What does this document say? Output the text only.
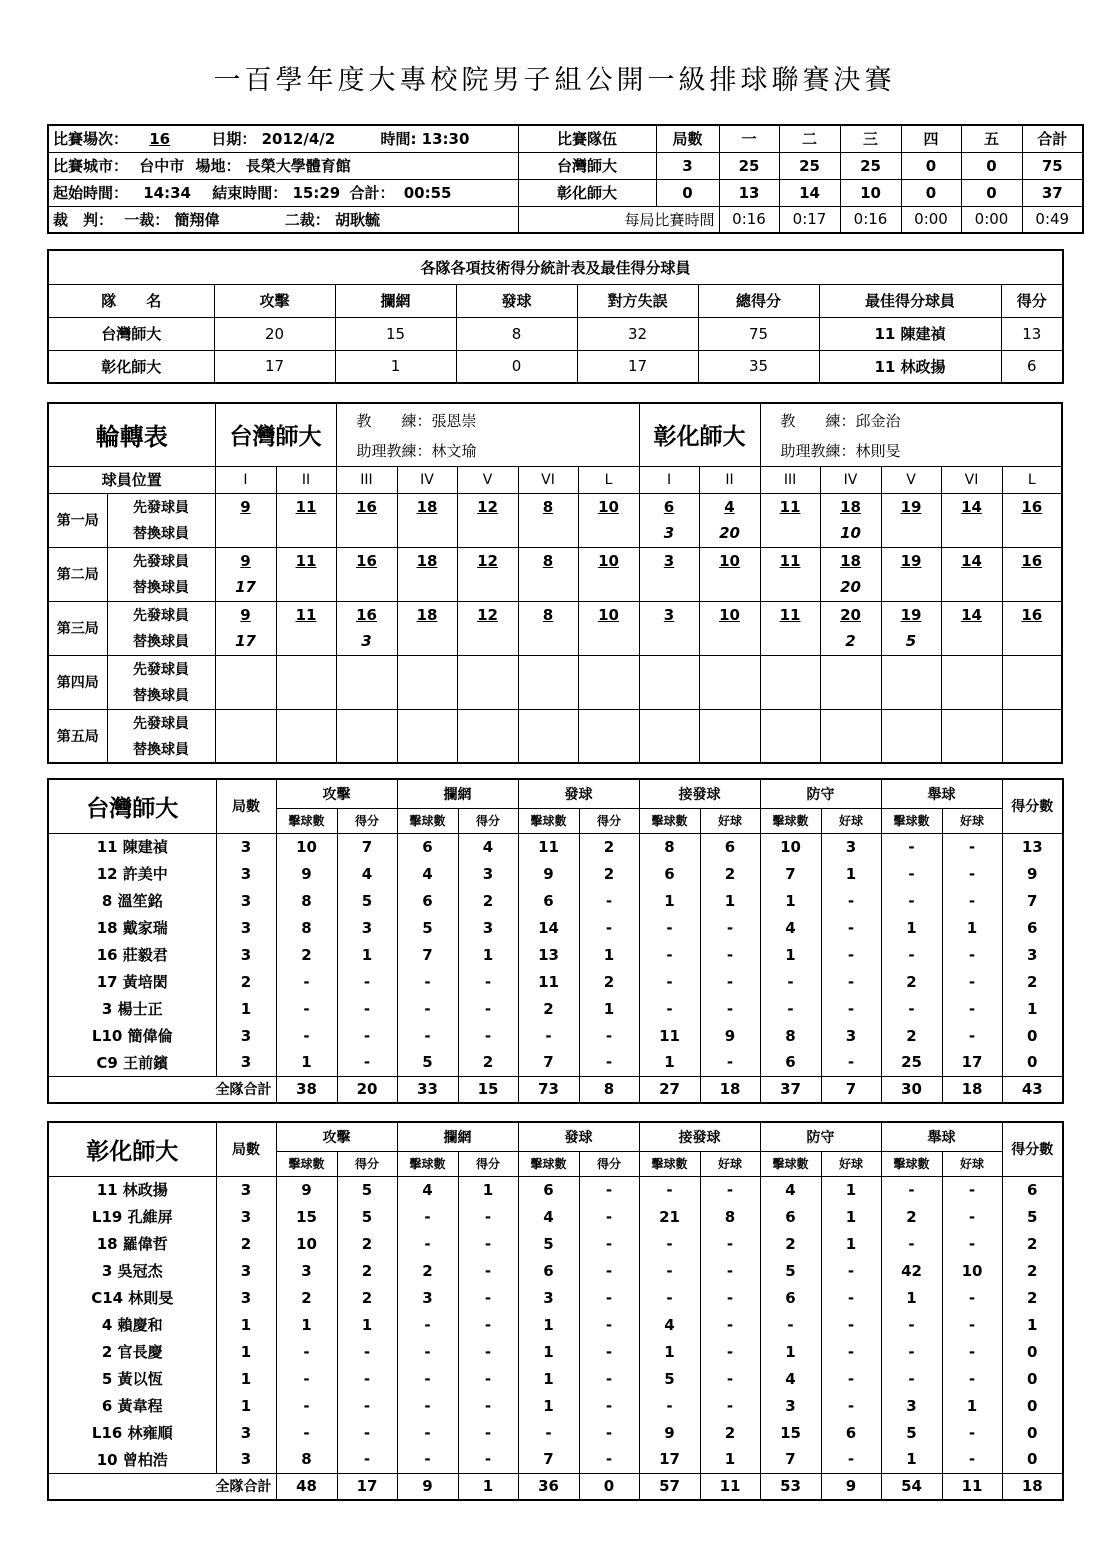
一百學年度大專校院男子組公開一級排球聯賽決賽
比賽場次： 16 日期： 2012/4/2 時間: 13:30	比賽隊伍	局數	一	二	三	四	五	合計
比賽城市： 台中市 場地： 長榮大學體育館	台灣師大	3	25	25	25	0	0	75
起始時間： 14:34 結束時間： 15:29 合計： 00:55	彰化師大	0	13	14	10	0	0	37
裁　判： 一裁： 簡翔偉 二裁： 胡耿毓	每局比賽時間		0:16	0:17	0:16	0:00	0:00	0:49
各隊各項技術得分統計表及最佳得分球員							
隊　　名	攻擊	攔網	發球	對方失誤	總得分	最佳得分球員	得分
台灣師大	20	15	8	32	75	11 陳建禎	13
彰化師大	17	1	0	17	35	11 林政揚	6
輪轉表		台灣師大		教　　練：張恩崇					彰化師大		教　　練：邱金治				
				助理教練：林文瑜							助理教練：林則旻				
球員位置		I	II	III	IV	V	VI	L	I	II	III	IV	V	VI	L
第一局	先發球員	9	11	16	18	12	8	10	6	4	11	18	19	14	16
	替換球員								3	20		10			
第二局	先發球員	9	11	16	18	12	8	10	3	10	11	18	19	14	16
	替換球員	17										20			
第三局	先發球員	9	11	16	18	12	8	10	3	10	11	20	19	14	16
	替換球員	17		3								2	5		
第四局	先發球員														
	替換球員														
第五局	先發球員														
	替換球員														
台灣師大	局數	攻擊		攔網		發球		接發球		防守		舉球		得分數
		擊球數	得分	擊球數	得分	擊球數	得分	擊球數	好球	擊球數	好球	擊球數	好球	
11 陳建禎	3	10	7	6	4	11	2	8	6	10	3	-	-	13
12 許美中	3	9	4	4	3	9	2	6	2	7	1	-	-	9
8 溫笙銘	3	8	5	6	2	6	-	1	1	1	-	-	-	7
18 戴家瑞	3	8	3	5	3	14	-	-	-	4	-	1	1	6
16 莊毅君	3	2	1	7	1	13	1	-	-	1	-	-	-	3
17 黃培閎	2	-	-	-	-	11	2	-	-	-	-	2	-	2
3 楊士正	1	-	-	-	-	2	1	-	-	-	-	-	-	1
L10 簡偉倫	3	-	-	-	-	-	-	11	9	8	3	2	-	0
C9 王前鑌	3	1	-	5	2	7	-	1	-	6	-	25	17	0
全隊合計		38	20	33	15	73	8	27	18	37	7	30	18	43
彰化師大	局數	攻擊		攔網		發球		接發球		防守		舉球		得分數
		擊球數	得分	擊球數	得分	擊球數	得分	擊球數	好球	擊球數	好球	擊球數	好球	
11 林政揚	3	9	5	4	1	6	-	-	-	4	1	-	-	6
L19 孔維屏	3	15	5	-	-	4	-	21	8	6	1	2	-	5
18 羅偉哲	2	10	2	-	-	5	-	-	-	2	1	-	-	2
3 吳冠杰	3	3	2	2	-	6	-	-	-	5	-	42	10	2
C14 林則旻	3	2	2	3	-	3	-	-	-	6	-	1	-	2
4 賴慶和	1	1	1	-	-	1	-	4	-	-	-	-	-	1
2 官長慶	1	-	-	-	-	1	-	1	-	1	-	-	-	0
5 黃以恆	1	-	-	-	-	1	-	5	-	4	-	-	-	0
6 黃韋程	1	-	-	-	-	1	-	-	-	3	-	3	1	0
L16 林雍順	3	-	-	-	-	-	-	9	2	15	6	5	-	0
10 曾柏浩	3	8	-	-	-	7	-	17	1	7	-	1	-	0
全隊合計		48	17	9	1	36	0	57	11	53	9	54	11	18
